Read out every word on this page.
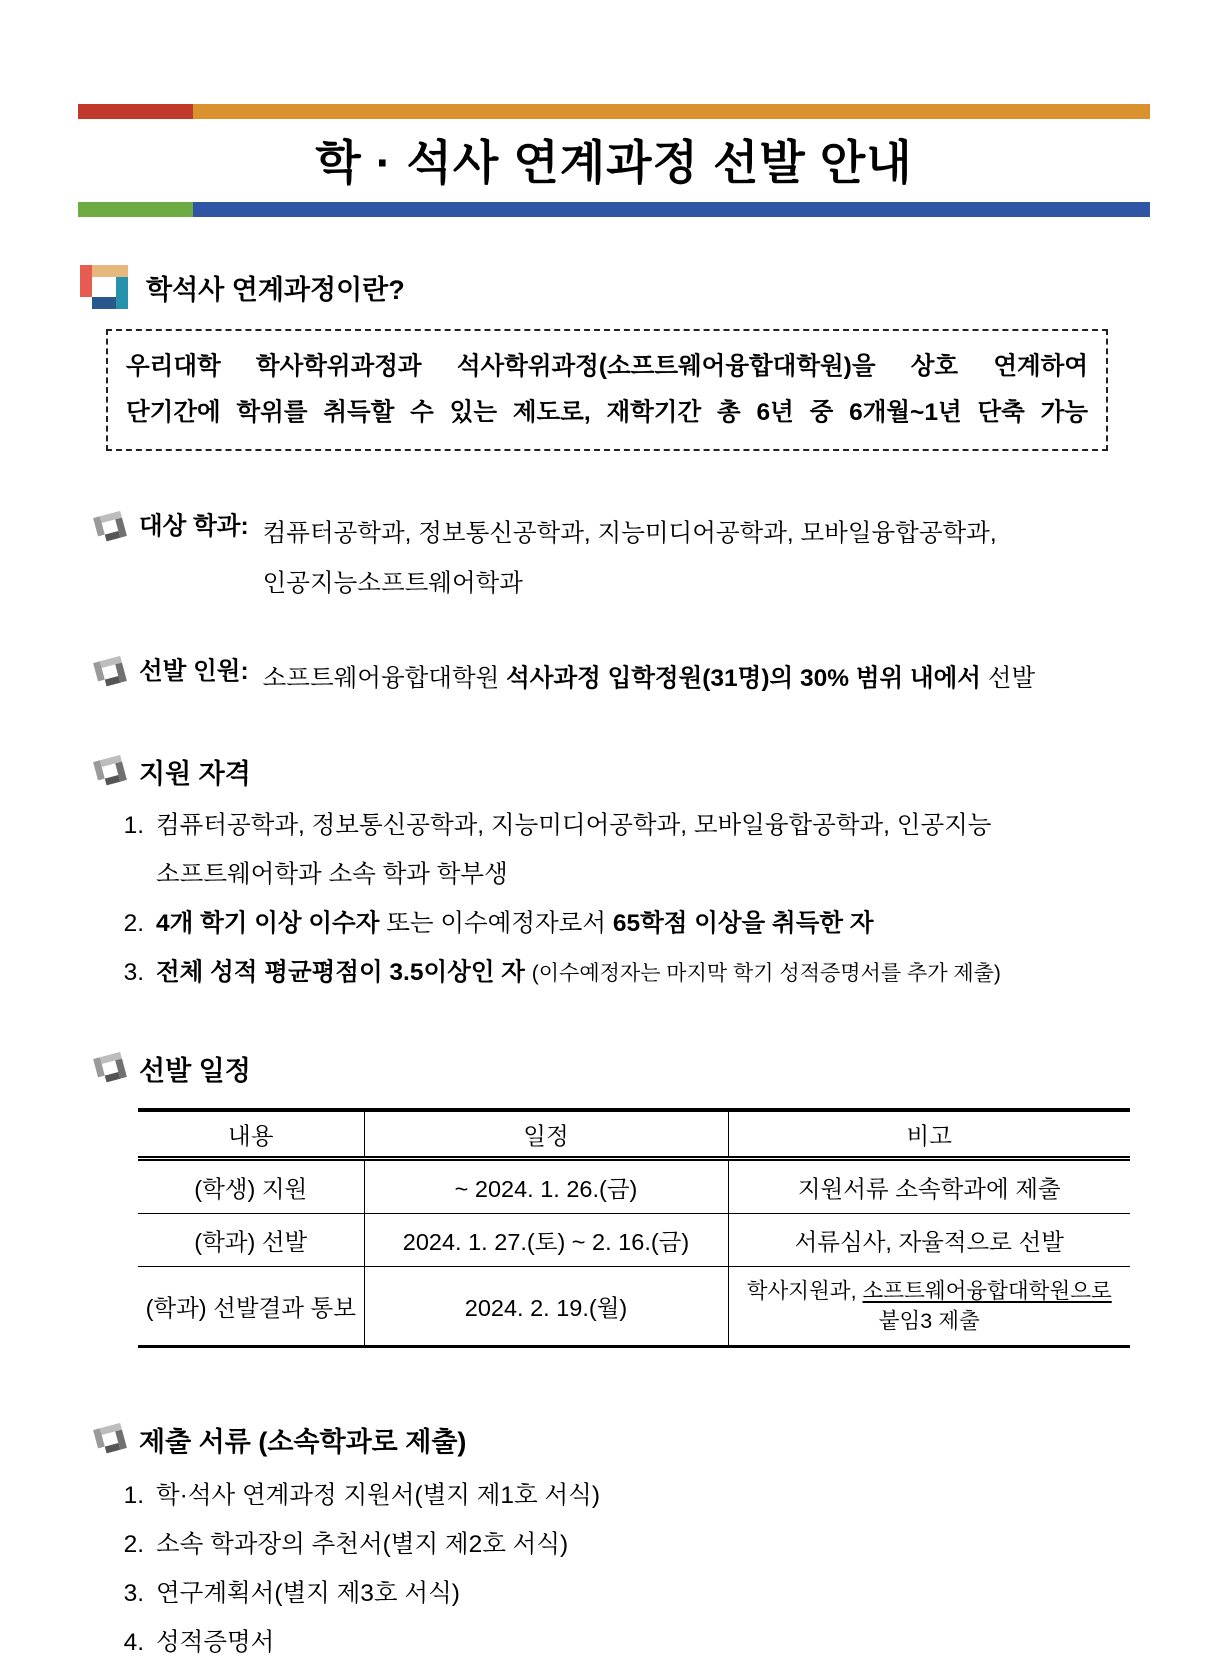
학 · 석사 연계과정 선발 안내
학석사 연계과정이란?
우리대학 학사학위과정과 석사학위과정(소프트웨어융합대학원)을 상호 연계하여
단기간에 학위를 취득할 수 있는 제도로, 재학기간 총 6년 중 6개월~1년 단축 가능
대상 학과: 컴퓨터공학과, 정보통신공학과, 지능미디어공학과, 모바일융합공학과,
인공지능소프트웨어학과
선발 인원: 소프트웨어융합대학원 석사과정 입학정원(31명)의 30% 범위 내에서 선발
지원 자격
1. 컴퓨터공학과, 정보통신공학과, 지능미디어공학과, 모바일융합공학과, 인공지능
소프트웨어학과 소속 학과 학부생
2. 4개 학기 이상 이수자 또는 이수예정자로서 65학점 이상을 취득한 자
3. 전체 성적 평균평점이 3.5이상인 자 (이수예정자는 마지막 학기 성적증명서를 추가 제출)
선발 일정
내용	일정	비고
(학생) 지원	~ 2024. 1. 26.(금)	지원서류 소속학과에 제출
(학과) 선발	2024. 1. 27.(토) ~ 2. 16.(금)	서류심사, 자율적으로 선발
(학과) 선발결과 통보	2024. 2. 19.(월)	학사지원과, 소프트웨어융합대학원으로
붙임3 제출
제출 서류 (소속학과로 제출)
1. 학·석사 연계과정 지원서(별지 제1호 서식)
2. 소속 학과장의 추천서(별지 제2호 서식)
3. 연구계획서(별지 제3호 서식)
4. 성적증명서
